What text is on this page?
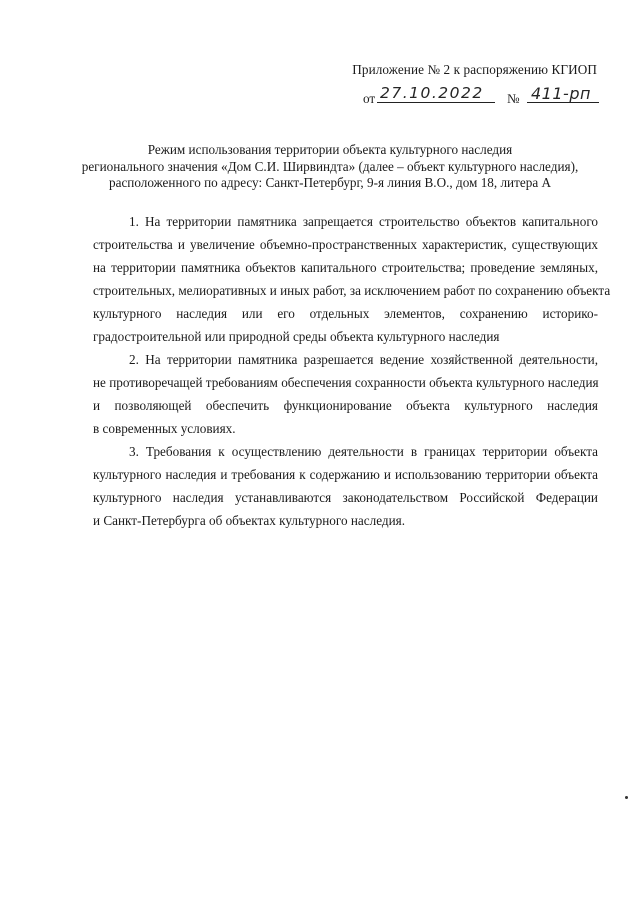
Приложение № 2 к распоряжению КГИОП
от 27.10.2022	№ 411-рп
Режим использования территории объекта культурного наследия
регионального значения «Дом С.И. Ширвиндта» (далее – объект культурного наследия),
расположенного по адресу: Санкт-Петербург, 9-я линия В.О., дом 18, литера А
1. На территории памятника запрещается строительство объектов капитального
строительства и увеличение объемно-пространственных характеристик, существующих
на территории памятника объектов капитального строительства; проведение земляных,
строительных, мелиоративных и иных работ, за исключением работ по сохранению объекта
культурного наследия или его отдельных элементов, сохранению историко-
градостроительной или природной среды объекта культурного наследия
2. На территории памятника разрешается ведение хозяйственной деятельности,
не противоречащей требованиям обеспечения сохранности объекта культурного наследия
и позволяющей обеспечить функционирование объекта культурного наследия
в современных условиях.
3. Требования к осуществлению деятельности в границах территории объекта
культурного наследия и требования к содержанию и использованию территории объекта
культурного наследия устанавливаются законодательством Российской Федерации
и Санкт-Петербурга об объектах культурного наследия.
